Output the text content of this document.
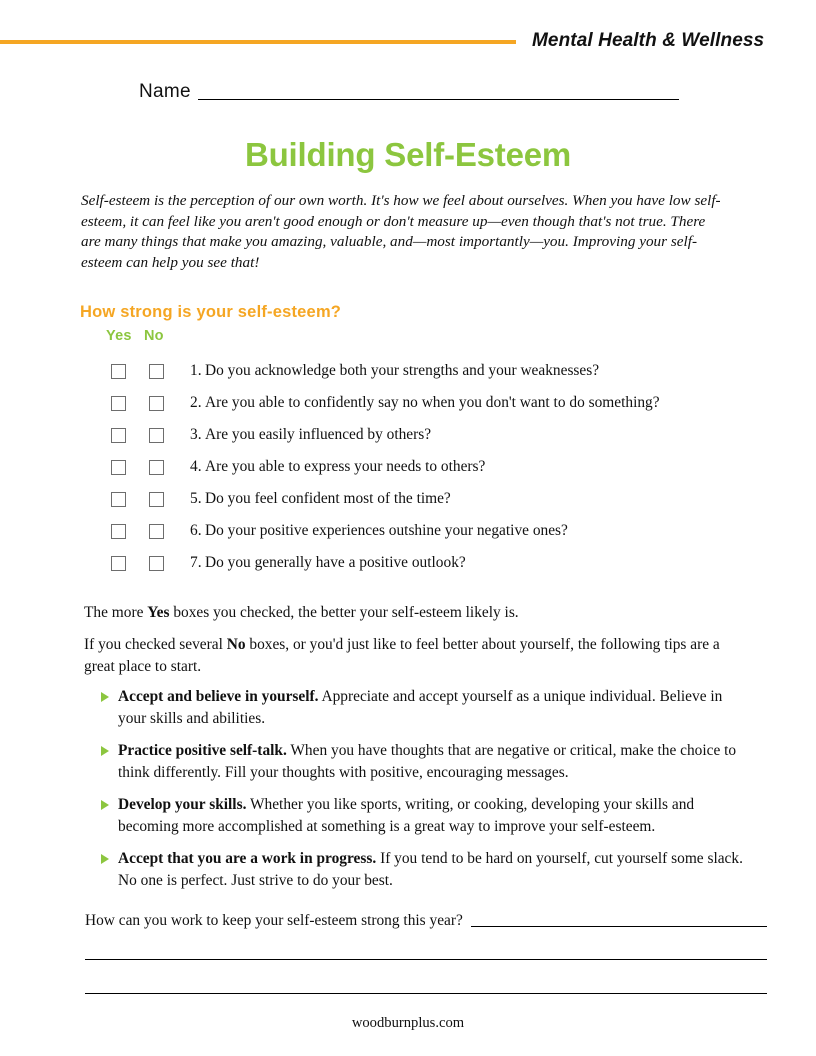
Mental Health & Wellness
Name
Building Self-Esteem
Self-esteem is the perception of our own worth. It's how we feel about ourselves. When you have low self-esteem, it can feel like you aren't good enough or don't measure up—even though that's not true. There are many things that make you amazing, valuable, and—most importantly—you. Improving your self-esteem can help you see that!
How strong is your self-esteem?
Yes No
1. Do you acknowledge both your strengths and your weaknesses?
2. Are you able to confidently say no when you don't want to do something?
3. Are you easily influenced by others?
4. Are you able to express your needs to others?
5. Do you feel confident most of the time?
6. Do your positive experiences outshine your negative ones?
7. Do you generally have a positive outlook?
The more Yes boxes you checked, the better your self-esteem likely is.
If you checked several No boxes, or you'd just like to feel better about yourself, the following tips are a great place to start.
Accept and believe in yourself. Appreciate and accept yourself as a unique individual. Believe in your skills and abilities.
Practice positive self-talk. When you have thoughts that are negative or critical, make the choice to think differently. Fill your thoughts with positive, encouraging messages.
Develop your skills. Whether you like sports, writing, or cooking, developing your skills and becoming more accomplished at something is a great way to improve your self-esteem.
Accept that you are a work in progress. If you tend to be hard on yourself, cut yourself some slack. No one is perfect. Just strive to do your best.
How can you work to keep your self-esteem strong this year?
woodburnplus.com
